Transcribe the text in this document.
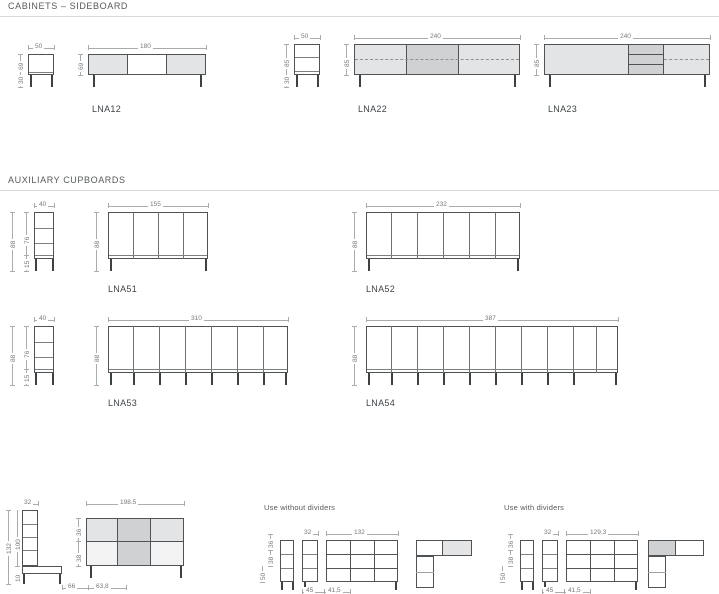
CABINETS – SIDEBOARD
50
69
30
180
69
LNA12
50
85
30
240
85
LNA22
240
85
LNA23
AUXILIARY CUPBOARDS
40
76
88
15
155
88
LNA51
232
88
LNA52
40
76
88
15
310
88
LNA53
387
88
LNA54
32	198.5
132 100
10
36
38
66	63,8
Use without dividers
36
38
50
32	132
45	41,5
Use with dividers
36
38
50
32	129,3
45	41,5
